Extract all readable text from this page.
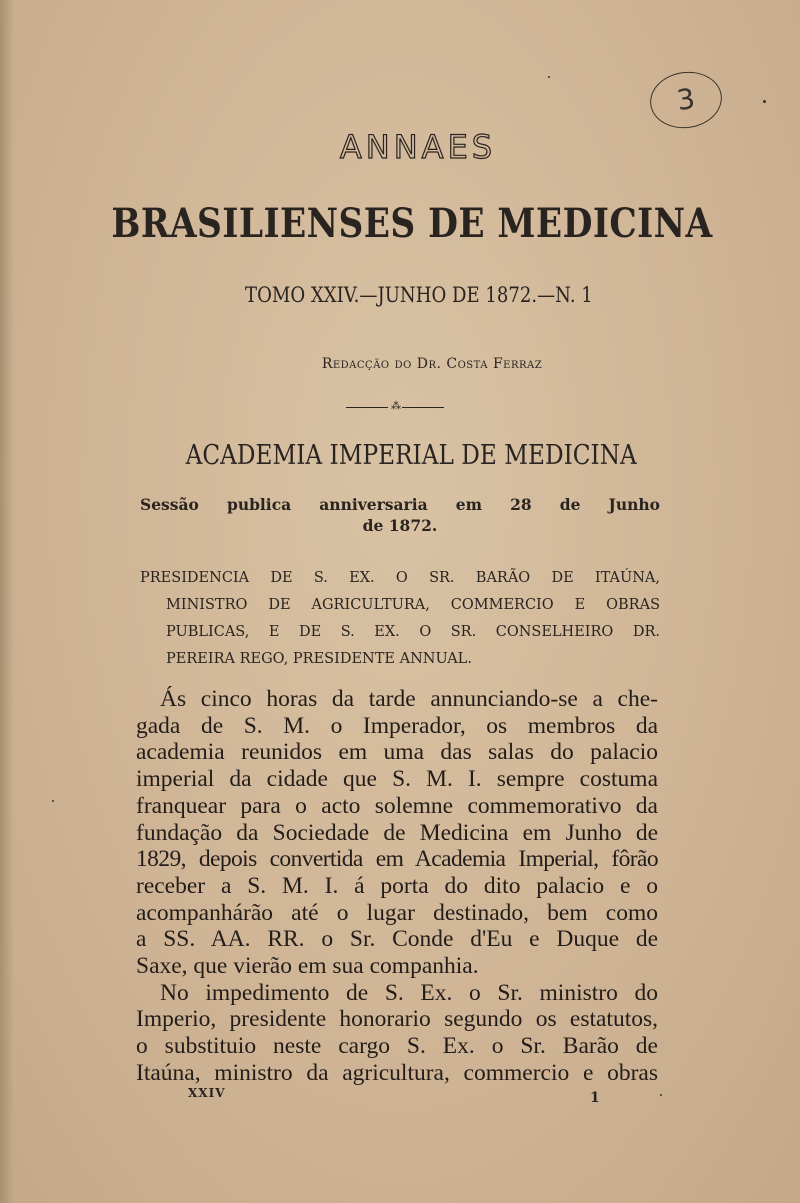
3
ANNAES
BRASILIENSES DE MEDICINA
TOMO XXIV.—JUNHO DE 1872.—N. 1
Redacção do Dr. Costa Ferraz
⁂
ACADEMIA IMPERIAL DE MEDICINA
Sessão publica anniversaria em 28 de Junho
de 1872.
PRESIDENCIA DE S. EX. O SR. BARÃO DE ITAÚNA,
MINISTRO DE AGRICULTURA, COMMERCIO E OBRAS
PUBLICAS, E DE S. EX. O SR. CONSELHEIRO DR.
PEREIRA REGO, PRESIDENTE ANNUAL.
Ás cinco horas da tarde annunciando-se a che-
gada de S. M. o Imperador, os membros da
academia reunidos em uma das salas do palacio
imperial da cidade que S. M. I. sempre costuma
franquear para o acto solemne commemorativo da
fundação da Sociedade de Medicina em Junho de
1829, depois convertida em Academia Imperial, fôrão
receber a S. M. I. á porta do dito palacio e o
acompanhárão até o lugar destinado, bem como
a SS. AA. RR. o Sr. Conde d'Eu e Duque de
Saxe, que vierão em sua companhia.
No impedimento de S. Ex. o Sr. ministro do
Imperio, presidente honorario segundo os estatutos,
o substituio neste cargo S. Ex. o Sr. Barão de
Itaúna, ministro da agricultura, commercio e obras
XXIV	1
